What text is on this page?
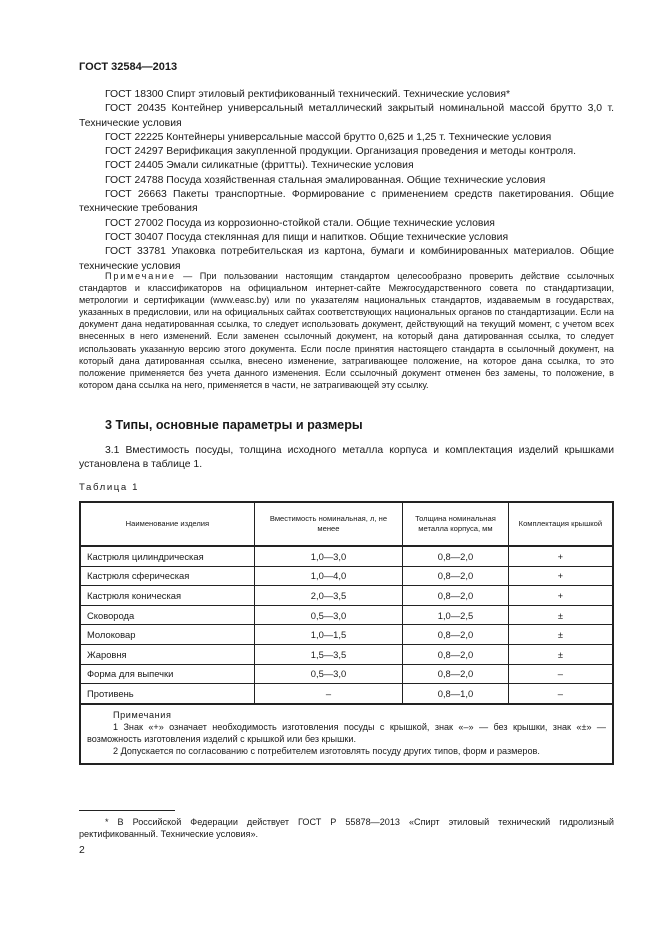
ГОСТ 32584—2013

ГОСТ 18300 Спирт этиловый ректификованный технический. Технические условия*

ГОСТ 20435 Контейнер универсальный металлический закрытый номинальной массой брутто 3,0 т. Технические условия

ГОСТ 22225 Контейнеры универсальные массой брутто 0,625 и 1,25 т. Технические условия

ГОСТ 24297 Верификация закупленной продукции. Организация проведения и методы контроля.

ГОСТ 24405 Эмали силикатные (фритты). Технические условия

ГОСТ 24788 Посуда хозяйственная стальная эмалированная. Общие технические условия

ГОСТ 26663 Пакеты транспортные. Формирование с применением средств пакетирования. Общие технические требования

ГОСТ 27002 Посуда из коррозионно-стойкой стали. Общие технические условия

ГОСТ 30407 Посуда стеклянная для пищи и напитков. Общие технические условия

ГОСТ 33781 Упаковка потребительская из картона, бумаги и комбинированных материалов. Общие технические условия

Примечание — При пользовании настоящим стандартом целесообразно проверить действие ссылочных стандартов и классификаторов на официальном интернет-сайте Межгосударственного совета по стандартизации, метрологии и сертификации (www.easc.by) или по указателям национальных стандартов, издаваемым в государствах, указанных в предисловии, или на официальных сайтах соответствующих национальных органов по стандартизации. Если на документ дана недатированная ссылка, то следует использовать документ, действующий на текущий момент, с учетом всех внесенных в него изменений. Если заменен ссылочный документ, на который дана датированная ссылка, то следует использовать указанную версию этого документа. Если после принятия настоящего стандарта в ссылочный документ, на который дана датированная ссылка, внесено изменение, затрагивающее положение, на которое дана ссылка, то это положение применяется без учета данного изменения. Если ссылочный документ отменен без замены, то положение, в котором дана ссылка на него, применяется в части, не затрагивающей эту ссылку.

3 Типы, основные параметры и размеры

3.1 Вместимость посуды, толщина исходного металла корпуса и комплектация изделий крышками установлена в таблице 1.

Таблица 1
Наименование изделия	Вместимость номинальная, л, не менее	Толщина номинальная металла корпуса, мм	Комплектация крышкой
Кастрюля цилиндрическая	1,0—3,0	0,8—2,0	+
Кастрюля сферическая	1,0—4,0	0,8—2,0	+
Кастрюля коническая	2,0—3,5	0,8—2,0	+
Сковорода	0,5—3,0	1,0—2,5	±
Молоковар	1,0—1,5	0,8—2,0	±
Жаровня	1,5—3,5	0,8—2,0	±
Форма для выпечки	0,5—3,0	0,8—2,0	–
Противень	–	0,8—1,0	–

Примечания

1 Знак «+» означает необходимость изготовления посуды с крышкой, знак «–» — без крышки, знак «±» — возможность изготовления изделий с крышкой или без крышки.

2 Допускается по согласованию с потребителем изготовлять посуду других типов, форм и размеров.			

* В Российской Федерации действует ГОСТ Р 55878—2013 «Спирт этиловый технический гидролизный ректификованный. Технические условия».

2
